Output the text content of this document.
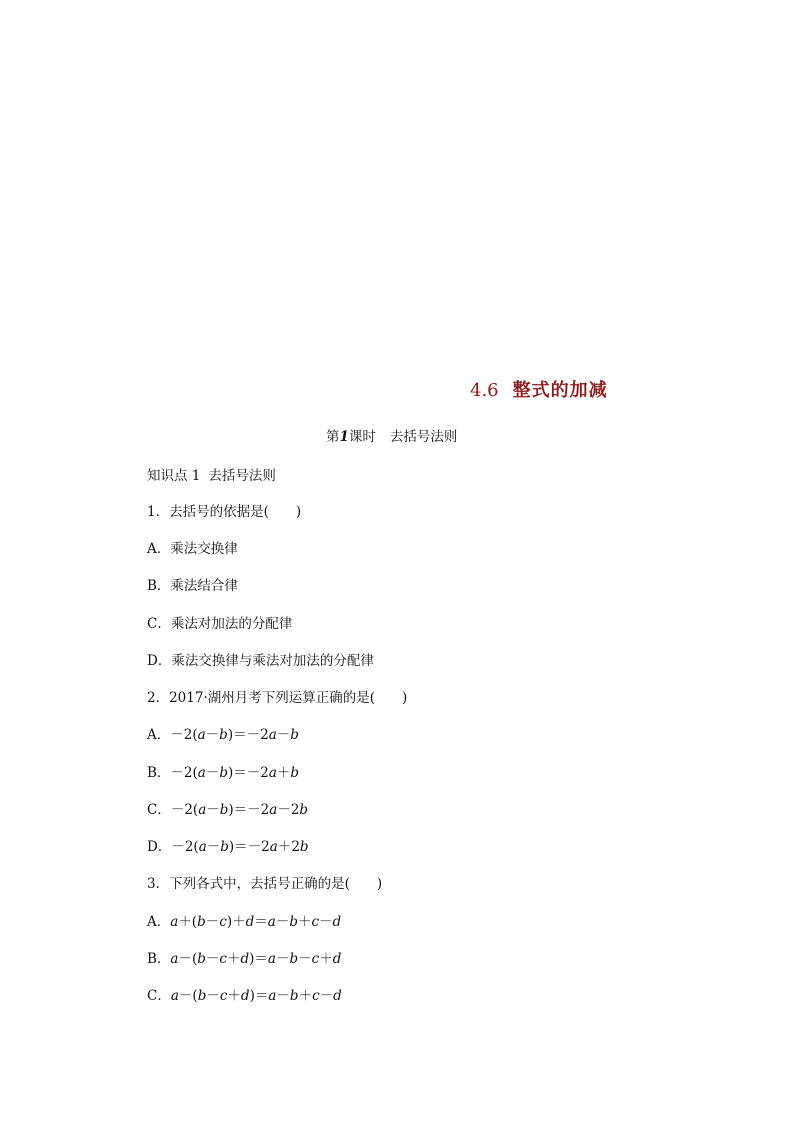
4.6 整式的加减
第1课时 去括号法则
知识点 1 去括号法则
1．去括号的依据是(　　)
A．乘法交换律
B．乘法结合律
C．乘法对加法的分配律
D．乘法交换律与乘法对加法的分配律
2．2017·湖州月考下列运算正确的是(　　)
A．－2(a－b)＝－2a－b
B．－2(a－b)＝－2a＋b
C．－2(a－b)＝－2a－2b
D．－2(a－b)＝－2a＋2b
3．下列各式中，去括号正确的是(　　)
A．a＋(b－c)＋d＝a－b＋c－d
B．a－(b－c＋d)＝a－b－c＋d
C．a－(b－c＋d)＝a－b＋c－d
